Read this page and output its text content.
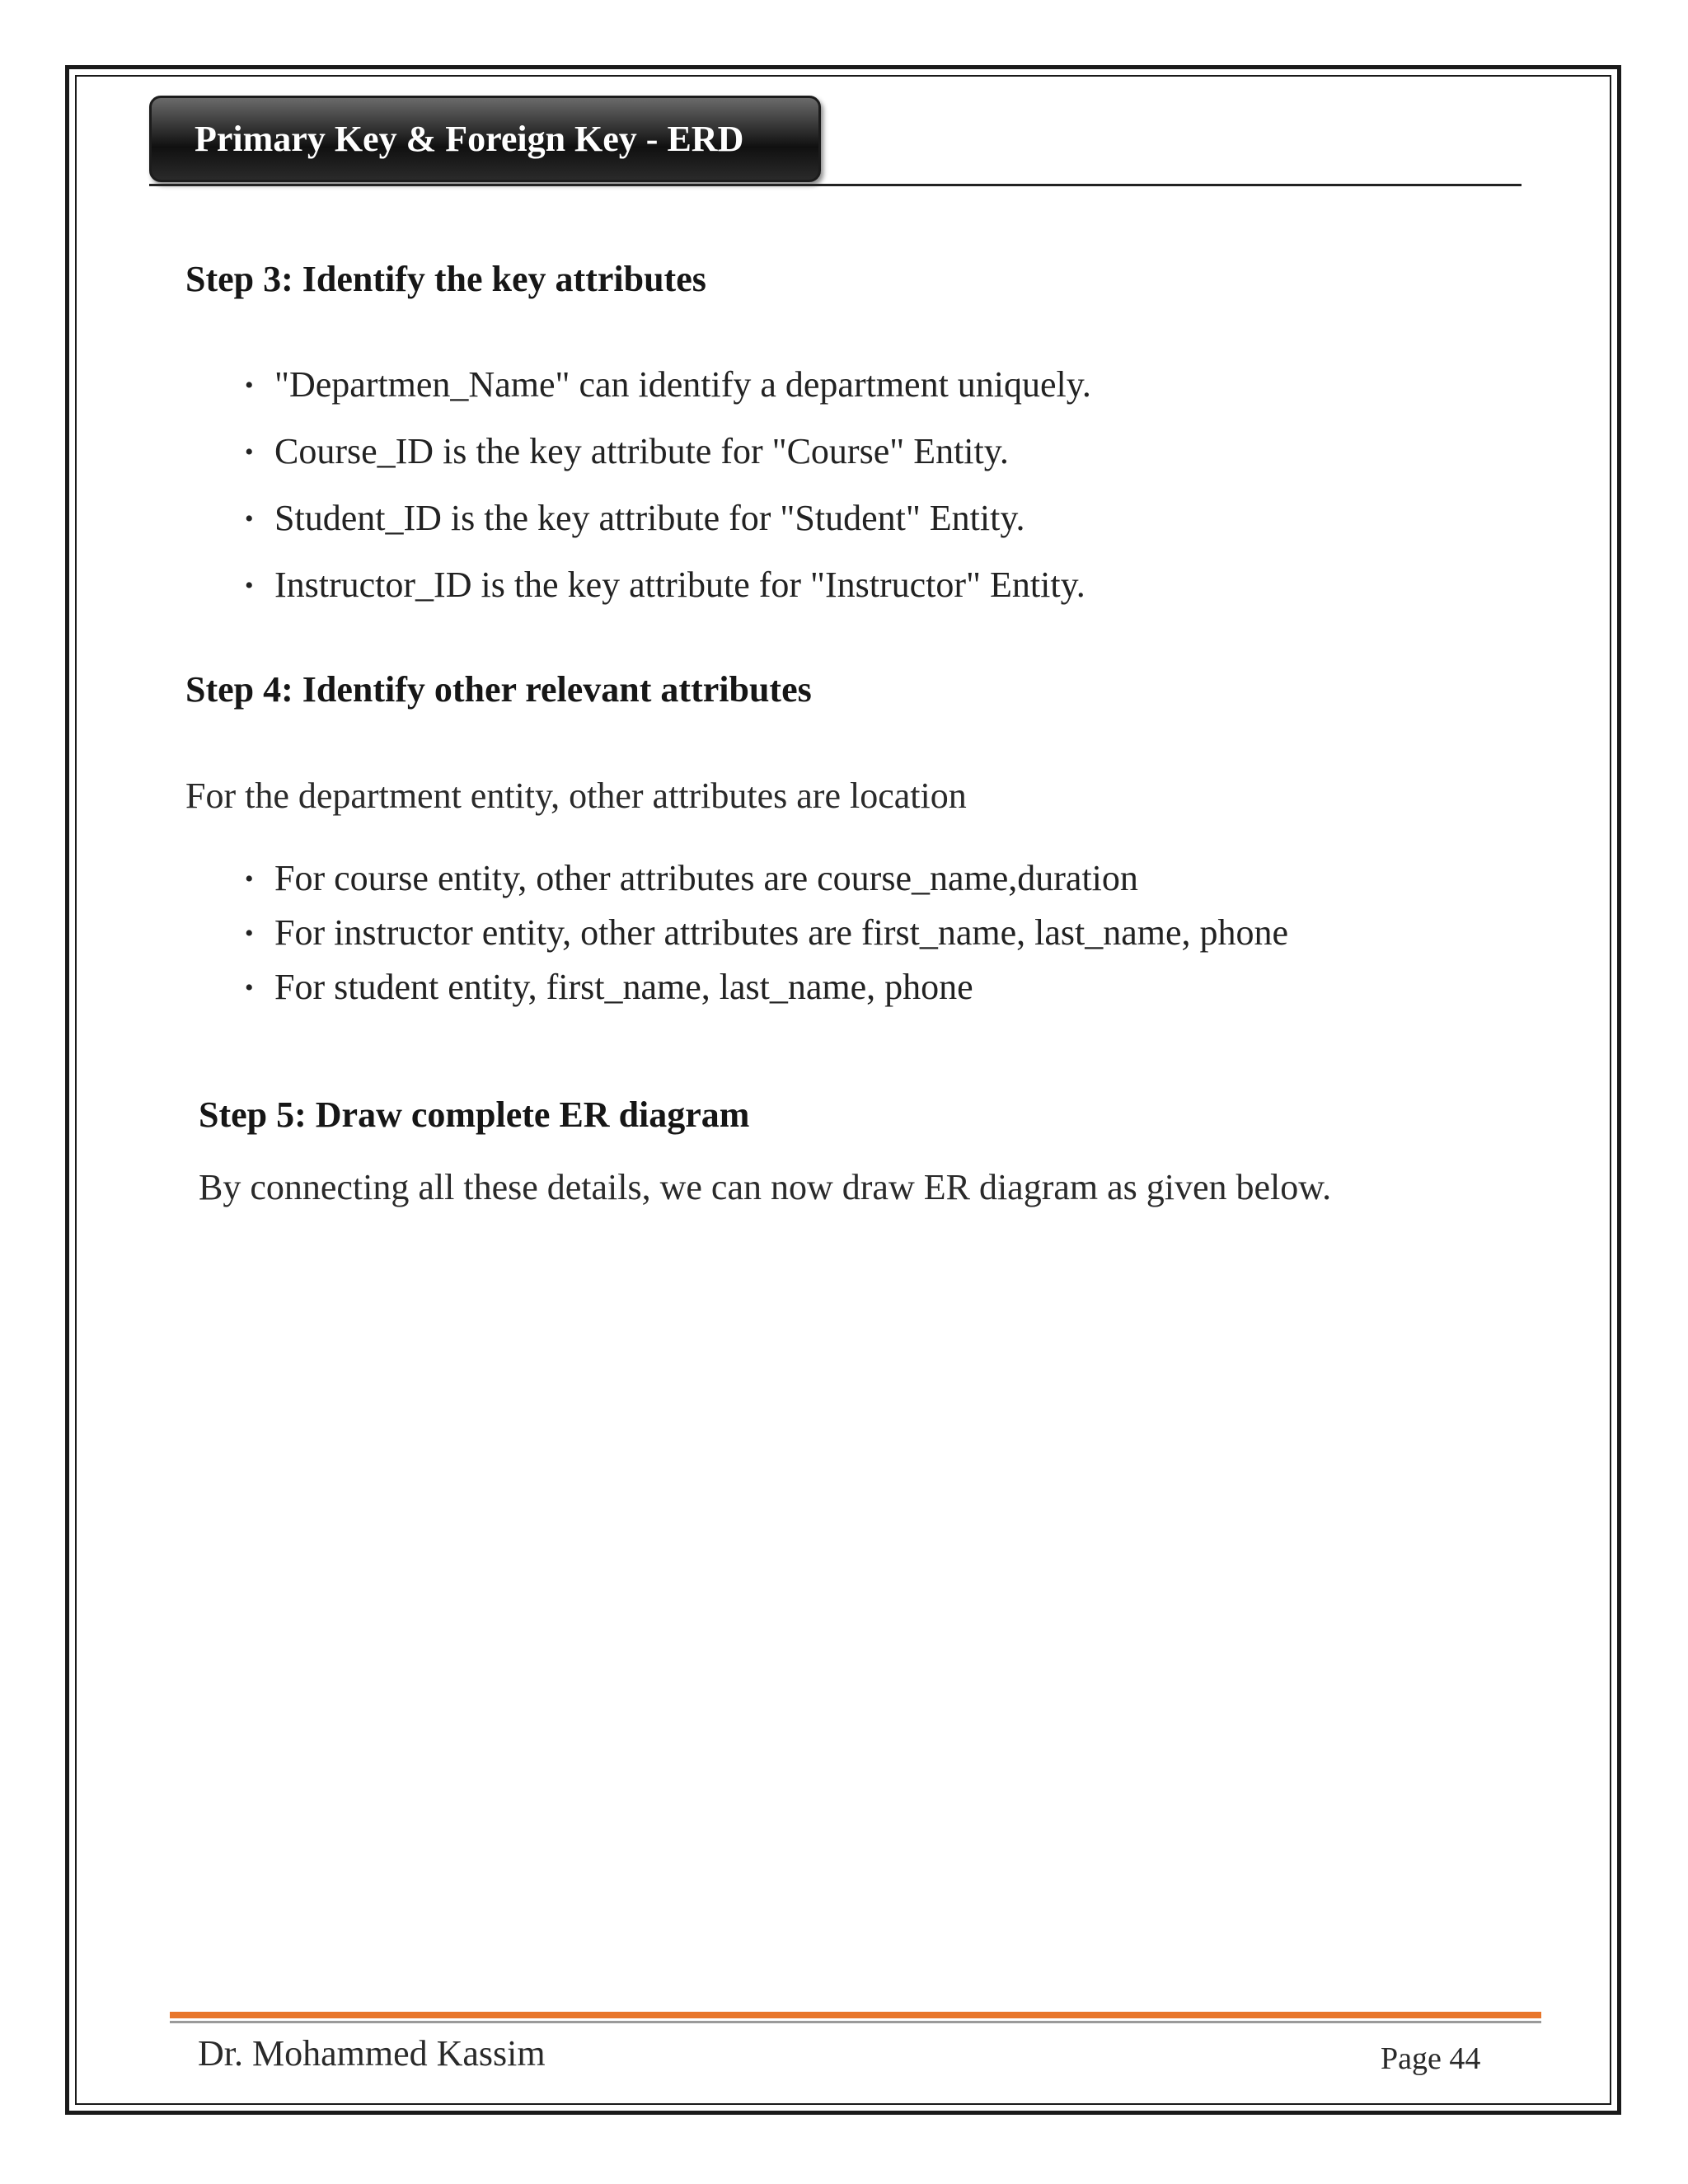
Primary Key & Foreign Key - ERD
Step 3: Identify the key attributes
• "Departmen_Name" can identify a department uniquely.
• Course_ID is the key attribute for "Course" Entity.
• Student_ID is the key attribute for "Student" Entity.
• Instructor_ID is the key attribute for "Instructor" Entity.
Step 4: Identify other relevant attributes
For the department entity, other attributes are location
• For course entity, other attributes are course_name,duration
• For instructor entity, other attributes are first_name, last_name, phone
• For student entity, first_name, last_name, phone
Step 5: Draw complete ER diagram
By connecting all these details, we can now draw ER diagram as given below.
Dr. Mohammed Kassim	Page 44
